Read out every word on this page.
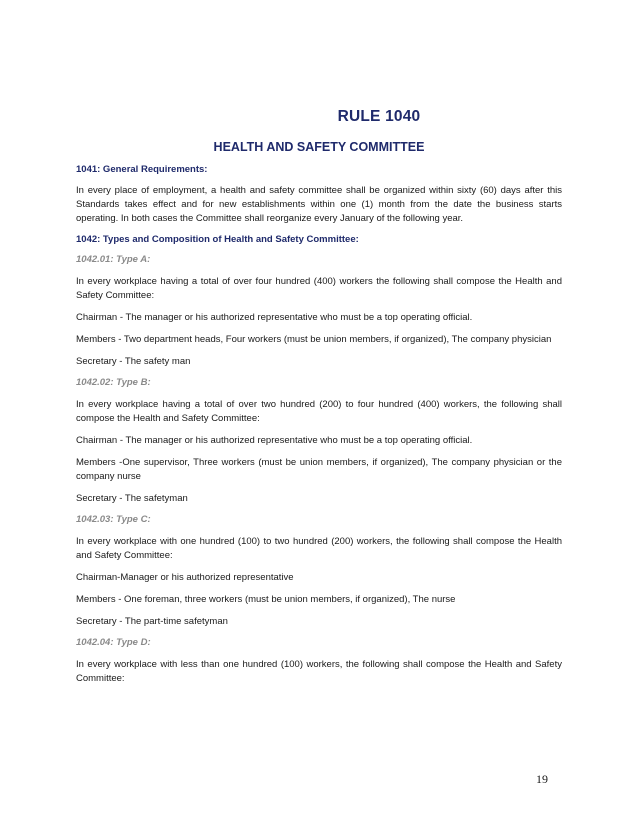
RULE 1040
HEALTH AND SAFETY COMMITTEE
1041: General Requirements:

In every place of employment, a health and safety committee shall be organized within sixty (60) days after this Standards takes effect and for new establishments within one (1) month from the date the business starts operating. In both cases the Committee shall reorganize every January of the following year.

1042: Types and Composition of Health and Safety Committee:
1042.01: Type A:

In every workplace having a total of over four hundred (400) workers the following shall compose the Health and Safety Committee:

Chairman - The manager or his authorized representative who must be a top operating official.

Members - Two department heads, Four workers (must be union members, if organized), The company physician

Secretary - The safety man

1042.02: Type B:

In every workplace having a total of over two hundred (200) to four hundred (400) workers, the following shall compose the Health and Safety Committee:

Chairman - The manager or his authorized representative who must be a top operating official.

Members -One supervisor, Three workers (must be union members, if organized), The company physician or the company nurse

Secretary - The safetyman

1042.03: Type C:

In every workplace with one hundred (100) to two hundred (200) workers, the following shall compose the Health and Safety Committee:

Chairman-Manager or his authorized representative

Members - One foreman, three workers (must be union members, if organized), The nurse

Secretary - The part-time safetyman

1042.04: Type D:

In every workplace with less than one hundred (100) workers, the following shall compose the Health and Safety Committee:

19
